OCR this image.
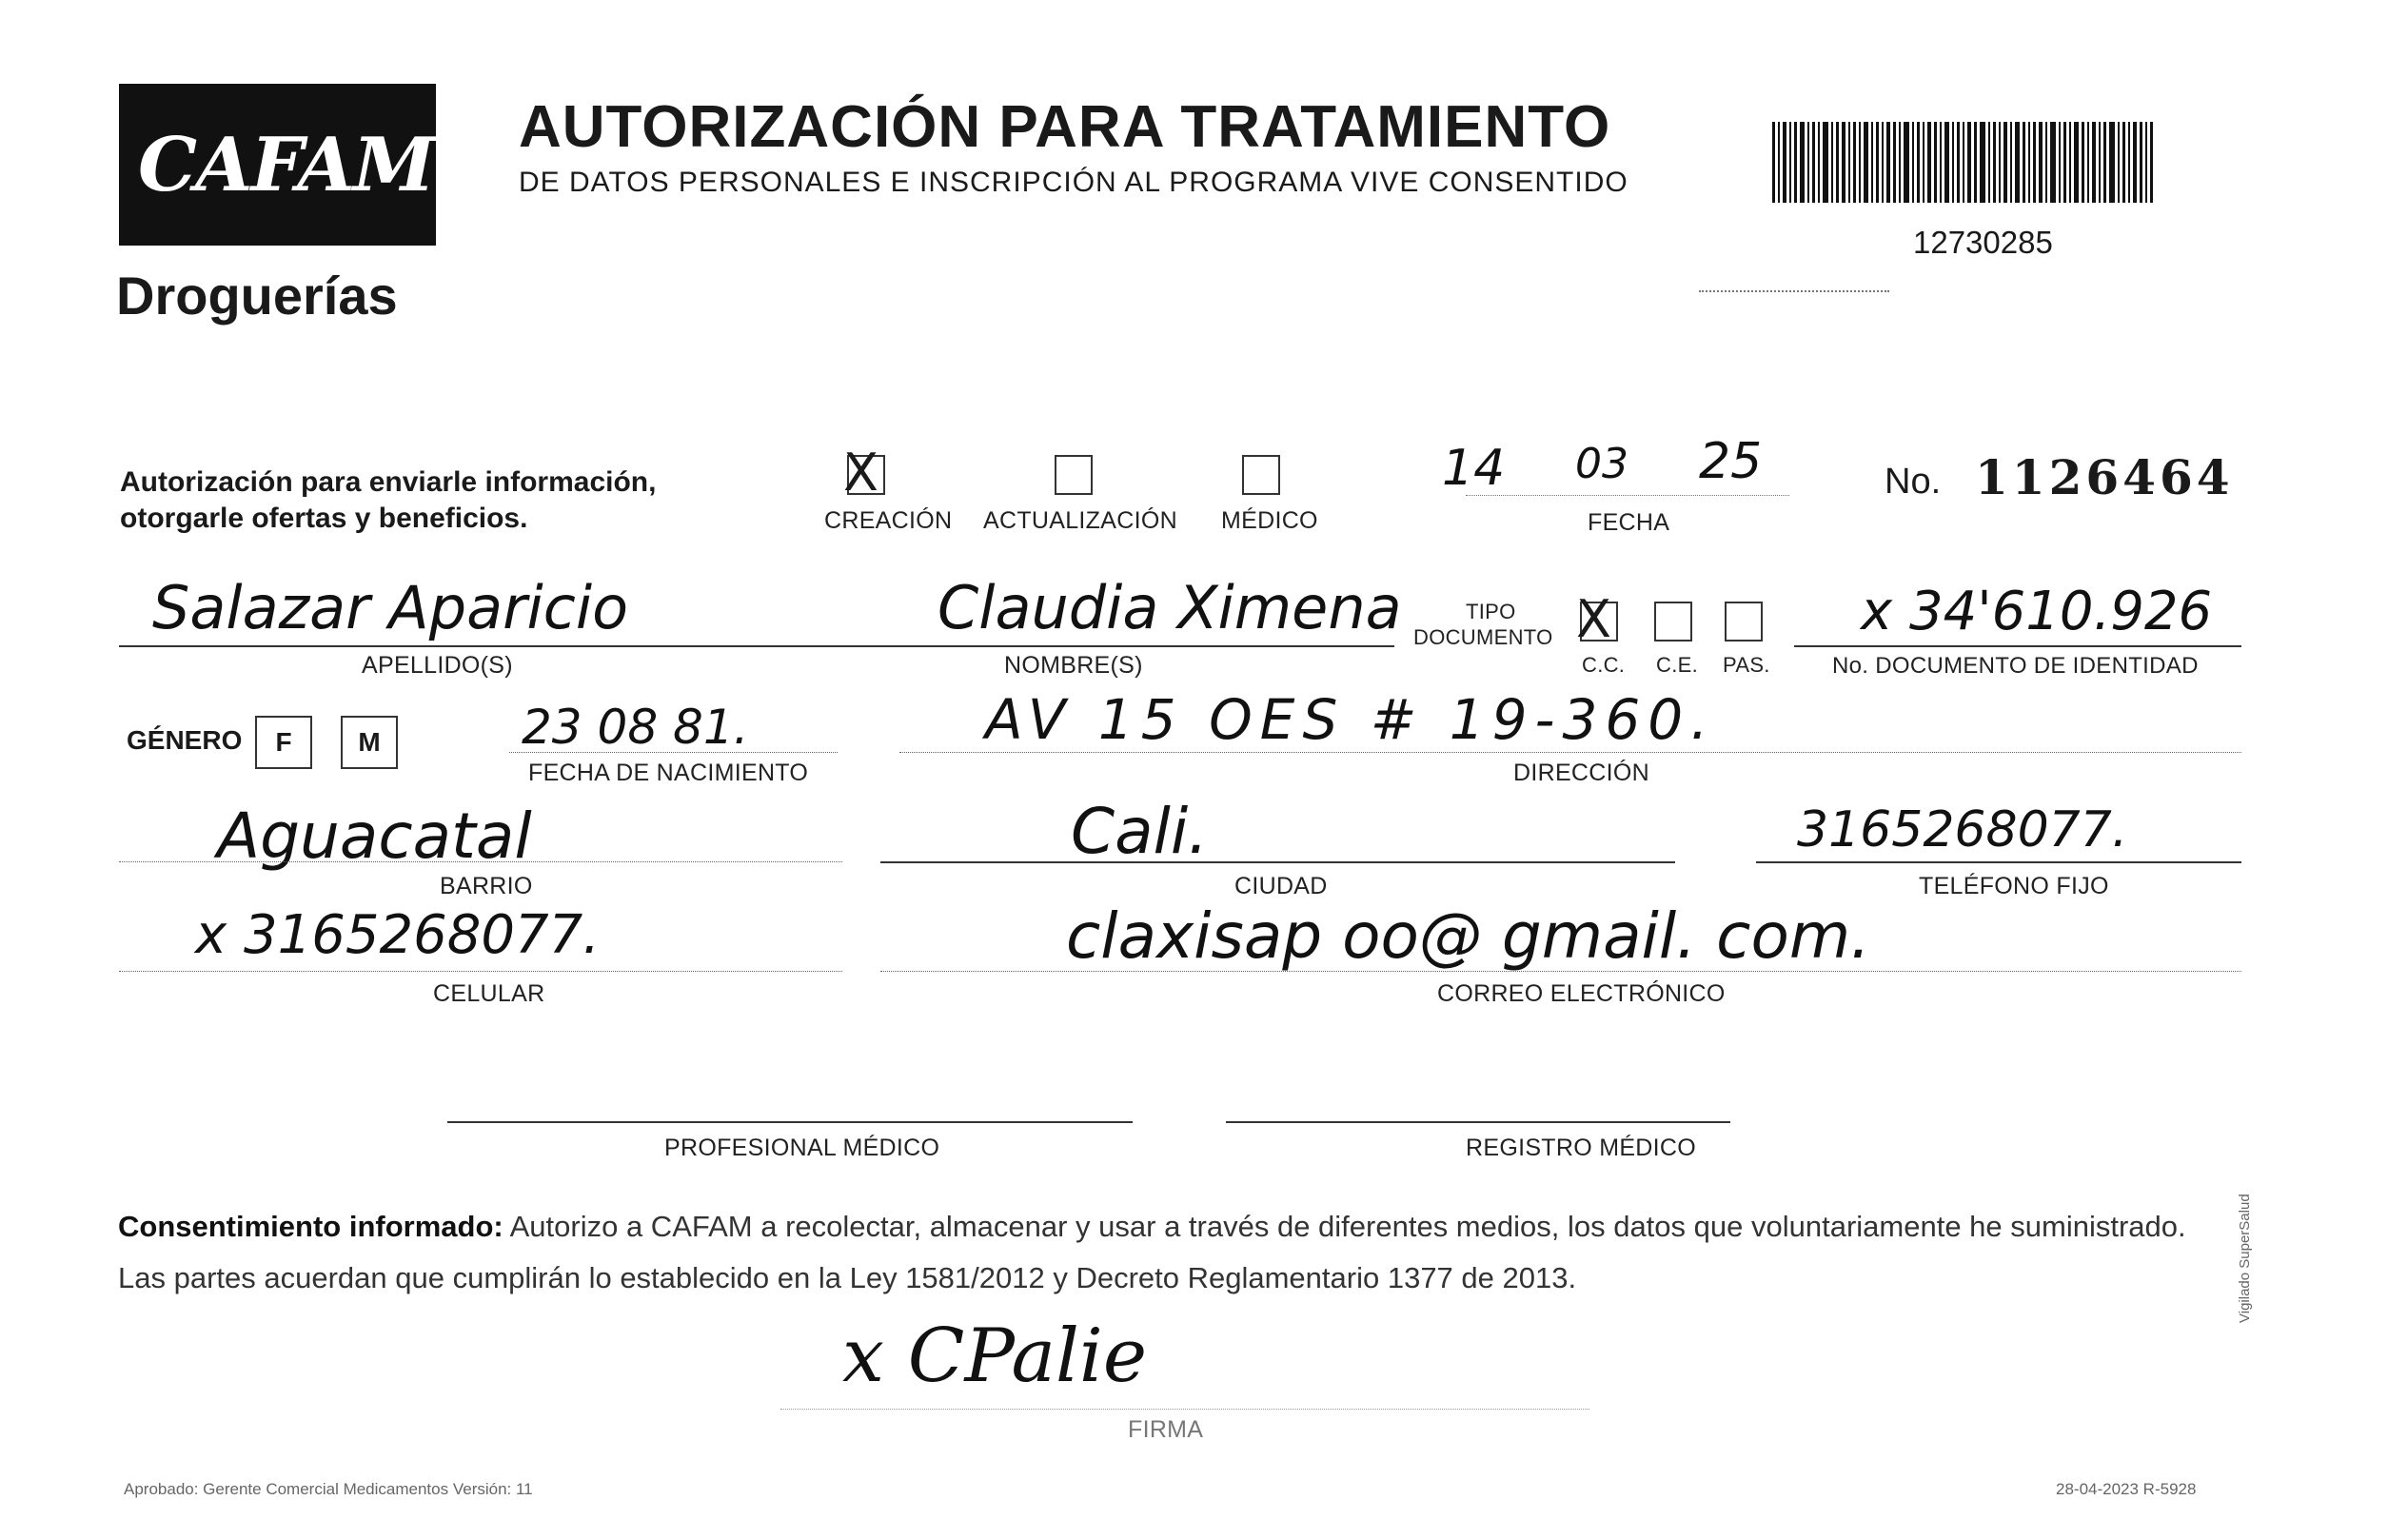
CAFAM
Droguerías
AUTORIZACIÓN PARA TRATAMIENTO
DE DATOS PERSONALES E INSCRIPCIÓN AL PROGRAMA VIVE CONSENTIDO
12730285
Autorización para enviarle información,
otorgarle ofertas y beneficios.
X
CREACIÓN ACTUALIZACIÓN MÉDICO
14 03 25
FECHA
No. 1126464
Salazar Aparicio	Claudia Ximena
APELLIDO(S)	NOMBRE(S)
TIPO
DOCUMENTO X
C.C. C.E. PAS.
x 34'610.926
No. DOCUMENTO DE IDENTIDAD
GÉNERO	F	M	23 08 81.
FECHA DE NACIMIENTO
AV 15 OES # 19-360.
DIRECCIÓN
Aguacatal
BARRIO
Cali.
CIUDAD
3165268077.
TELÉFONO FIJO
x 3165268077.
CELULAR
claxisap oo@ gmail. com.
CORREO ELECTRÓNICO
PROFESIONAL MÉDICO	REGISTRO MÉDICO
Consentimiento informado: Autorizo a CAFAM a recolectar, almacenar y usar a través de diferentes medios, los datos que voluntariamente he suministrado.
Las partes acuerdan que cumplirán lo establecido en la Ley 1581/2012 y Decreto Reglamentario 1377 de 2013.
x CPalie
FIRMA
Aprobado: Gerente Comercial Medicamentos Versión: 11	28-04-2023 R-5928
Vigilado SuperSalud
